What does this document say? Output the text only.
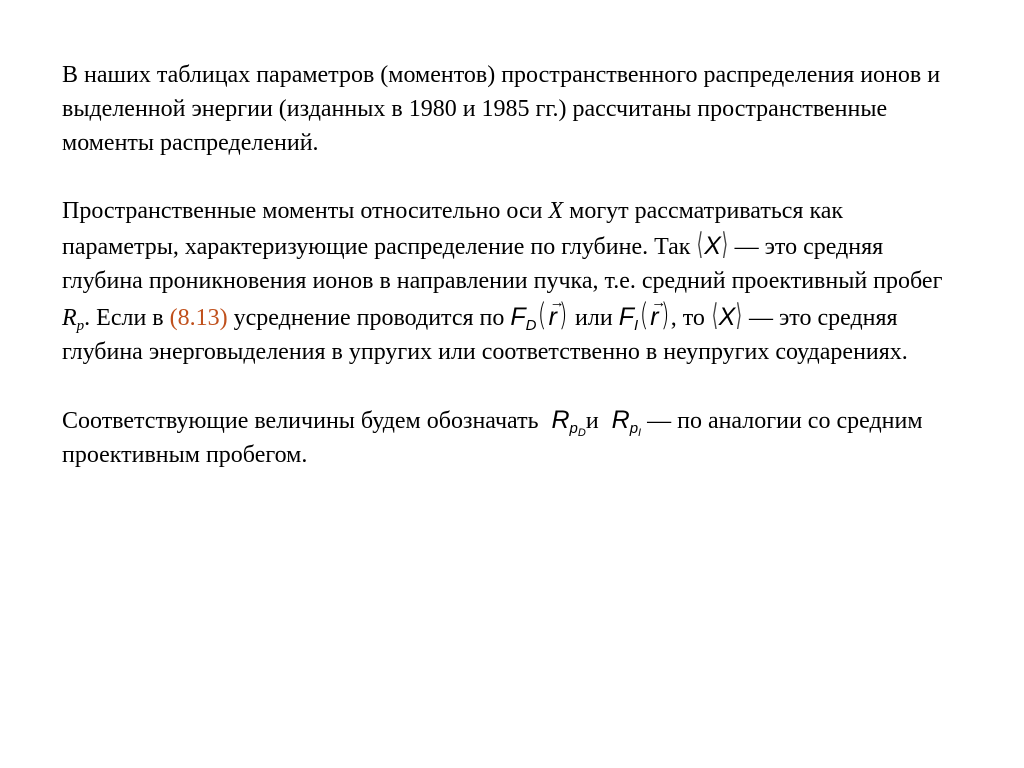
В наших таблицах параметров (моментов) пространственного распределения ионов и выделенной энергии (изданных в 1980 и 1985 гг.) рассчитаны пространственные моменты распределений.

Пространственные моменты относительно оси X могут рассматриваться как параметры, характеризующие распределение по глубине. Так ⟨X⟩ — это средняя глубина проникновения ионов в направлении пучка, т.е. средний проективный пробег $R_p$. Если в (8.13) усреднение проводится по $F_D(\to r)$ или $F_I(\to r)$, то ⟨X⟩ — это средняя глубина энерговыделения в упругих или соответственно в неупругих соударениях.

Соответствующие величины будем обозначать  $R_{p_D}и$  $R_{p_I}$ — по аналогии со средним проективным пробегом.
